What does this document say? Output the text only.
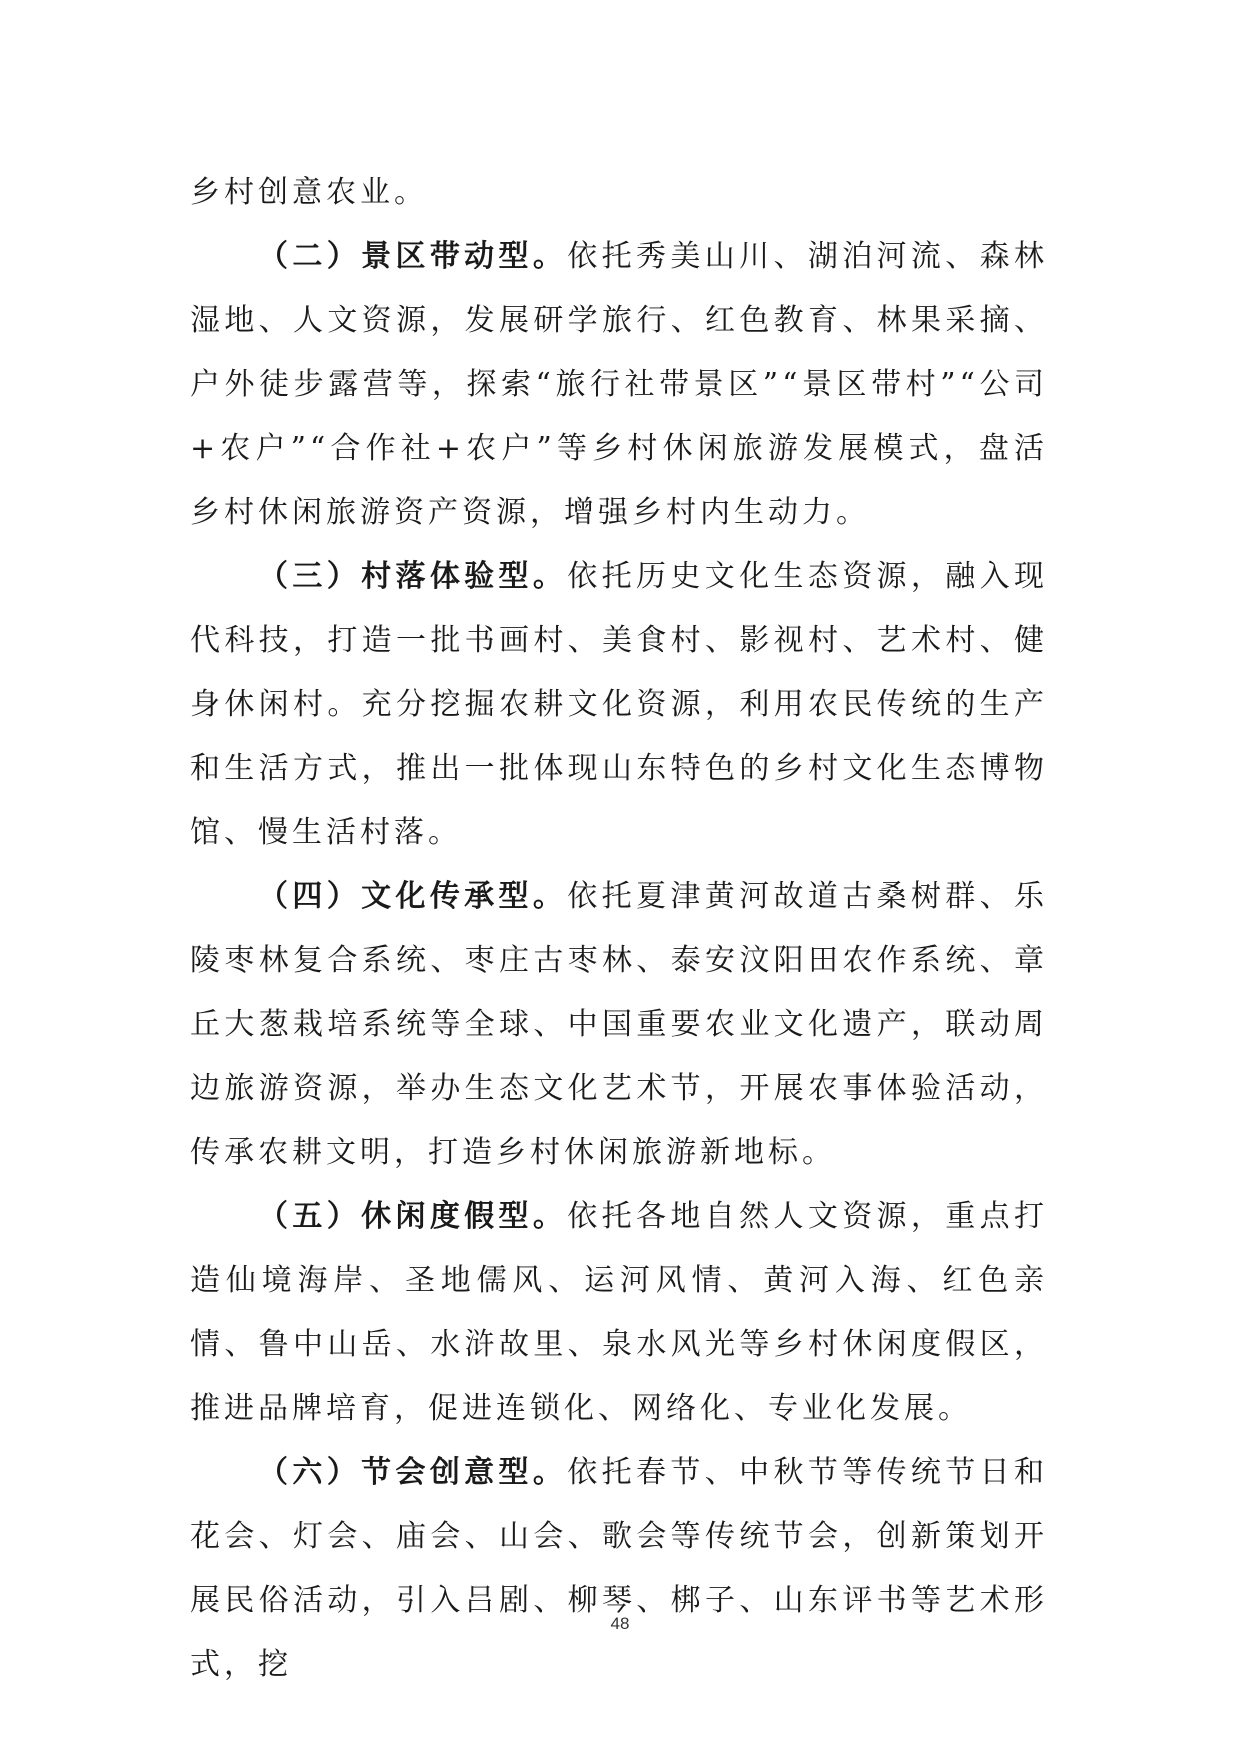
乡村创意农业。

（二）景区带动型。依托秀美山川、湖泊河流、森林湿地、人文资源，发展研学旅行、红色教育、林果采摘、户外徒步露营等，探索“旅行社带景区”“景区带村”“公司+农户”“合作社+农户”等乡村休闲旅游发展模式，盘活乡村休闲旅游资产资源，增强乡村内生动力。

（三）村落体验型。依托历史文化生态资源，融入现代科技，打造一批书画村、美食村、影视村、艺术村、健身休闲村。充分挖掘农耕文化资源，利用农民传统的生产和生活方式，推出一批体现山东特色的乡村文化生态博物馆、慢生活村落。

（四）文化传承型。依托夏津黄河故道古桑树群、乐陵枣林复合系统、枣庄古枣林、泰安汶阳田农作系统、章丘大葱栽培系统等全球、中国重要农业文化遗产，联动周边旅游资源，举办生态文化艺术节，开展农事体验活动，传承农耕文明，打造乡村休闲旅游新地标。

（五）休闲度假型。依托各地自然人文资源，重点打造仙境海岸、圣地儒风、运河风情、黄河入海、红色亲情、鲁中山岳、水浒故里、泉水风光等乡村休闲度假区，推进品牌培育，促进连锁化、网络化、专业化发展。

（六）节会创意型。依托春节、中秋节等传统节日和花会、灯会、庙会、山会、歌会等传统节会，创新策划开展民俗活动，引入吕剧、柳琴、梆子、山东评书等艺术形式，挖

48
